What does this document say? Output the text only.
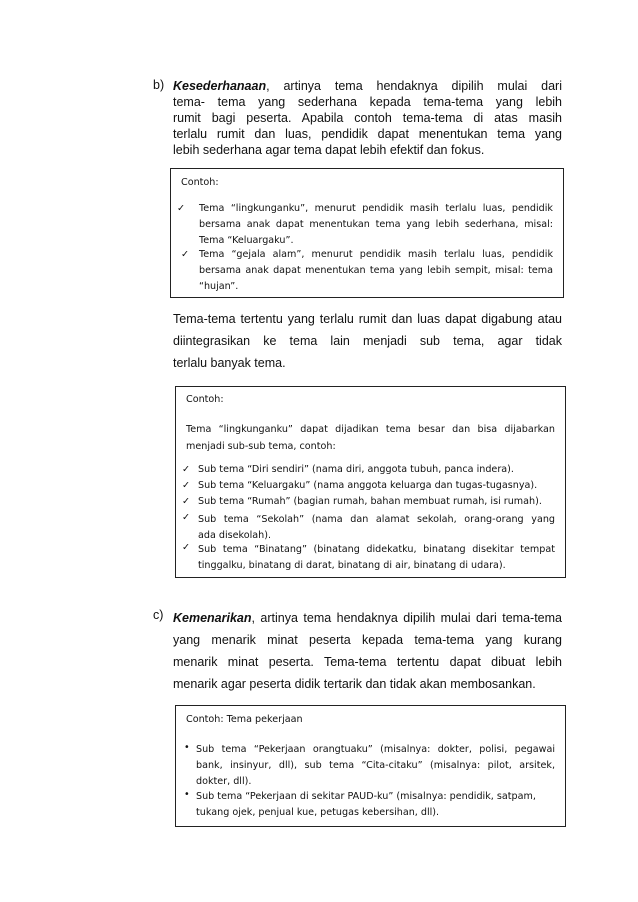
b) Kesederhanaan, artinya tema hendaknya dipilih mulai dari
tema- tema yang sederhana kepada tema-tema yang lebih
rumit bagi peserta. Apabila contoh tema-tema di atas masih
terlalu rumit dan luas, pendidik dapat menentukan tema yang
lebih sederhana agar tema dapat lebih efektif dan fokus.
Contoh:
✓ Tema “lingkunganku”, menurut pendidik masih terlalu luas, pendidik
bersama anak dapat menentukan tema yang lebih sederhana, misal:
Tema “Keluargaku”.
✓ Tema “gejala alam”, menurut pendidik masih terlalu luas, pendidik
bersama anak dapat menentukan tema yang lebih sempit, misal: tema
“hujan”.
Tema-tema tertentu yang terlalu rumit dan luas dapat digabung atau
diintegrasikan ke tema lain menjadi sub tema, agar tidak
terlalu banyak tema.
Contoh:
Tema “lingkunganku” dapat dijadikan tema besar dan bisa dijabarkan
menjadi sub-sub tema, contoh:
✓ Sub tema “Diri sendiri” (nama diri, anggota tubuh, panca indera).
✓ Sub tema “Keluargaku” (nama anggota keluarga dan tugas-tugasnya).
✓ Sub tema “Rumah” (bagian rumah, bahan membuat rumah, isi rumah).
✓ Sub tema “Sekolah” (nama dan alamat sekolah, orang-orang yang
ada disekolah).
✓ Sub tema “Binatang” (binatang didekatku, binatang disekitar tempat
tinggalku, binatang di darat, binatang di air, binatang di udara).
c) Kemenarikan, artinya tema hendaknya dipilih mulai dari tema-tema
yang menarik minat peserta kepada tema-tema yang kurang
menarik minat peserta. Tema-tema tertentu dapat dibuat lebih
menarik agar peserta didik tertarik dan tidak akan membosankan.
Contoh: Tema pekerjaan
• Sub tema “Pekerjaan orangtuaku” (misalnya: dokter, polisi, pegawai
bank, insinyur, dll), sub tema “Cita-citaku” (misalnya: pilot, arsitek,
dokter, dll).
• Sub tema “Pekerjaan di sekitar PAUD-ku” (misalnya: pendidik, satpam,
tukang ojek, penjual kue, petugas kebersihan, dll).
